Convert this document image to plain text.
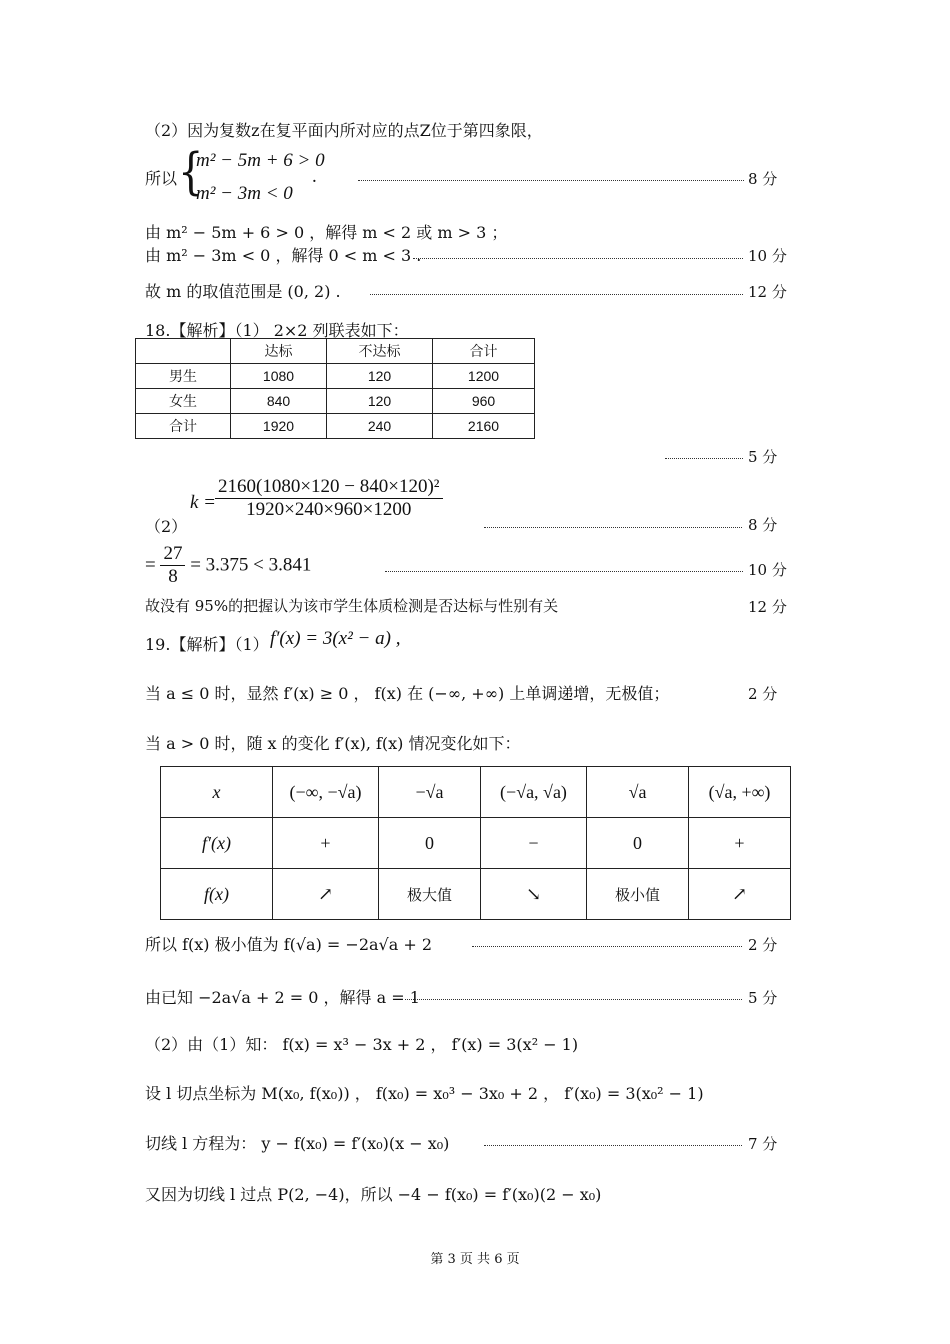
（2）因为复数z在复平面内所对应的点Z位于第四象限，
所以 {
m² − 5m + 6 > 0
m² − 3m < 0
.	8 分
由 m² − 5m + 6 > 0 ，解得 m < 2 或 m > 3 ；
由 m² − 3m < 0 ，解得 0 < m < 3 .	10 分
故 m 的取值范围是 (0, 2) .	12 分
18.【解析】（1） 2×2 列联表如下：
	达标	不达标	合计
男生	1080	120	1200
女生	840	120	960
合计	1920	240	2160
5 分
（2）
k =
$\frac{\text{2160(1080×120 − 840×120)²}}{1920\times 240\times 960\times 1200}$
8 分
= $\frac{27}{8} = 3.375 < 3.841$	10 分
故没有 95%的把握认为该市学生体质检测是否达标与性别有关	12 分
19.【解析】（1） f′(x) = 3(x² − a) ,
当 a ≤ 0 时，显然 f′(x) ≥ 0 ， f(x) 在 (−∞, +∞) 上单调递增，无极值；	2 分
当 a > 0 时，随 x 的变化 f′(x), f(x) 情况变化如下：
x	(−∞, −√a)	−√a	(−√a, √a)	√a	(√a, +∞)
f′(x)	+	0	−	0	+
f(x)	↗	极大值	↘	极小值	↗
所以 f(x) 极小值为 f(√a) = −2a√a + 2	2 分
由已知 −2a√a + 2 = 0 ，解得 a = 1	5 分
（2）由（1）知： f(x) = x³ − 3x + 2 ， f′(x) = 3(x² − 1)
设 l 切点坐标为 M(x₀, f(x₀)) ， f(x₀) = x₀³ − 3x₀ + 2 ， f′(x₀) = 3(x₀² − 1)
切线 l 方程为： y − f(x₀) = f′(x₀)(x − x₀)	7 分
又因为切线 l 过点 P(2, −4)，所以 −4 − f(x₀) = f′(x₀)(2 − x₀)
第 3 页 共 6 页
